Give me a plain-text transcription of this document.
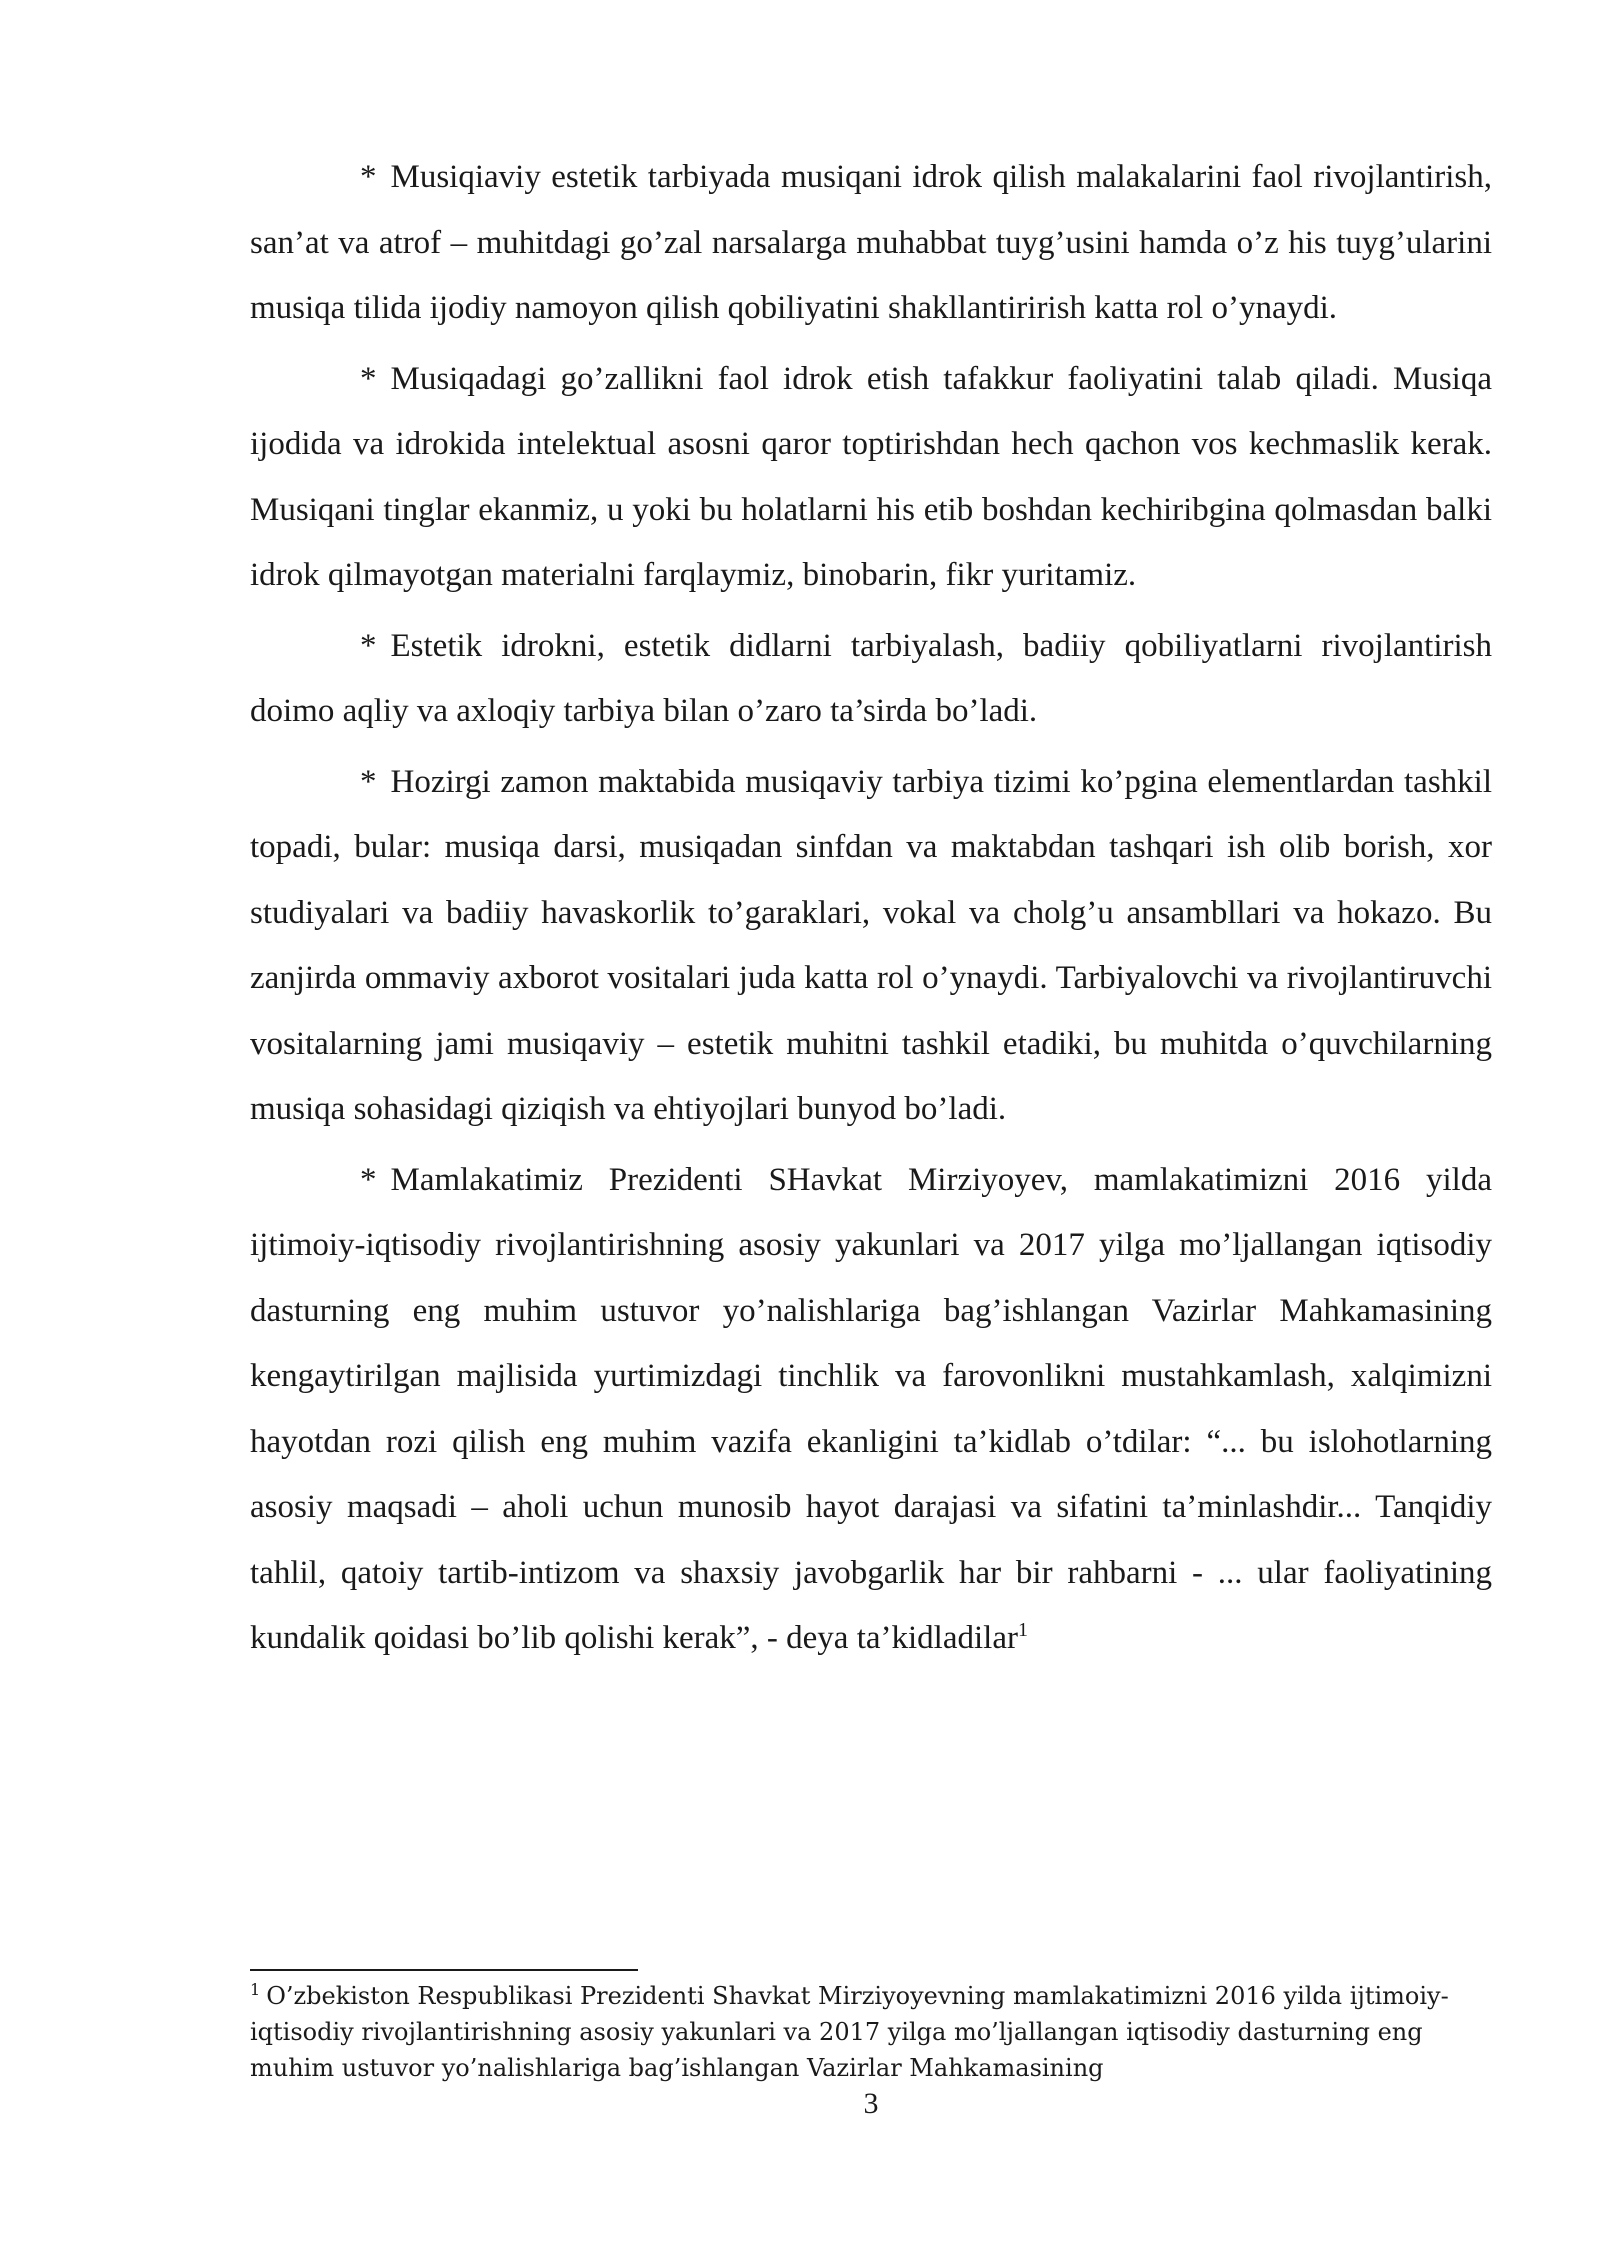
* Musiqiaviy estetik tarbiyada musiqani idrok qilish malakalarini faol rivojlantirish, san’at va atrof – muhitdagi go’zal narsalarga muhabbat tuyg’usini hamda o’z his tuyg’ularini musiqa tilida ijodiy namoyon qilish qobiliyatini shakllantirirish katta rol o’ynaydi.

* Musiqadagi go’zallikni faol idrok etish tafakkur faoliyatini talab qiladi. Musiqa ijodida va idrokida intelektual asosni qaror toptirishdan hech qachon vos kechmaslik kerak. Musiqani tinglar ekanmiz, u yoki bu holatlarni his etib boshdan kechiribgina qolmasdan balki idrok qilmayotgan materialni farqlaymiz, binobarin, fikr yuritamiz.

* Estetik idrokni, estetik didlarni tarbiyalash, badiiy qobiliyatlarni rivojlantirish doimo aqliy va axloqiy tarbiya bilan o’zaro ta’sirda bo’ladi.

* Hozirgi zamon maktabida musiqaviy tarbiya tizimi ko’pgina elementlardan tashkil topadi, bular: musiqa darsi, musiqadan sinfdan va maktabdan tashqari ish olib borish, xor studiyalari va badiiy havaskorlik to’garaklari, vokal va cholg’u ansambllari va hokazo. Bu zanjirda ommaviy axborot vositalari juda katta rol o’ynaydi. Tarbiyalovchi va rivojlantiruvchi vositalarning jami musiqaviy – estetik muhitni tashkil etadiki, bu muhitda o’quvchilarning musiqa sohasidagi qiziqish va ehtiyojlari bunyod bo’ladi.

* Mamlakatimiz Prezidenti SHavkat Mirziyoyev, mamlakatimizni 2016 yilda ijtimoiy-iqtisodiy rivojlantirishning asosiy yakunlari va 2017 yilga mo’ljallangan iqtisodiy dasturning eng muhim ustuvor yo’nalishlariga bag’ishlangan Vazirlar Mahkamasining kengaytirilgan majlisida yurtimizdagi tinchlik va farovonlikni mustahkamlash, xalqimizni hayotdan rozi qilish eng muhim vazifa ekanligini ta’kidlab o’tdilar: “... bu islohotlarning asosiy maqsadi – aholi uchun munosib hayot darajasi va sifatini ta’minlashdir... Tanqidiy tahlil, qatoiy tartib-intizom va shaxsiy javobgarlik har bir rahbarni - ... ular faoliyatining kundalik qoidasi bo’lib qolishi kerak”, - deya ta’kidladilar$^1$

$^1$ O’zbekiston Respublikasi Prezidenti Shavkat Mirziyoyevning mamlakatimizni 2016 yilda ijtimoiy-iqtisodiy rivojlantirishning asosiy yakunlari va 2017 yilga mo’ljallangan iqtisodiy dasturning eng muhim ustuvor yo’nalishlariga bag’ishlangan Vazirlar Mahkamasining
3
